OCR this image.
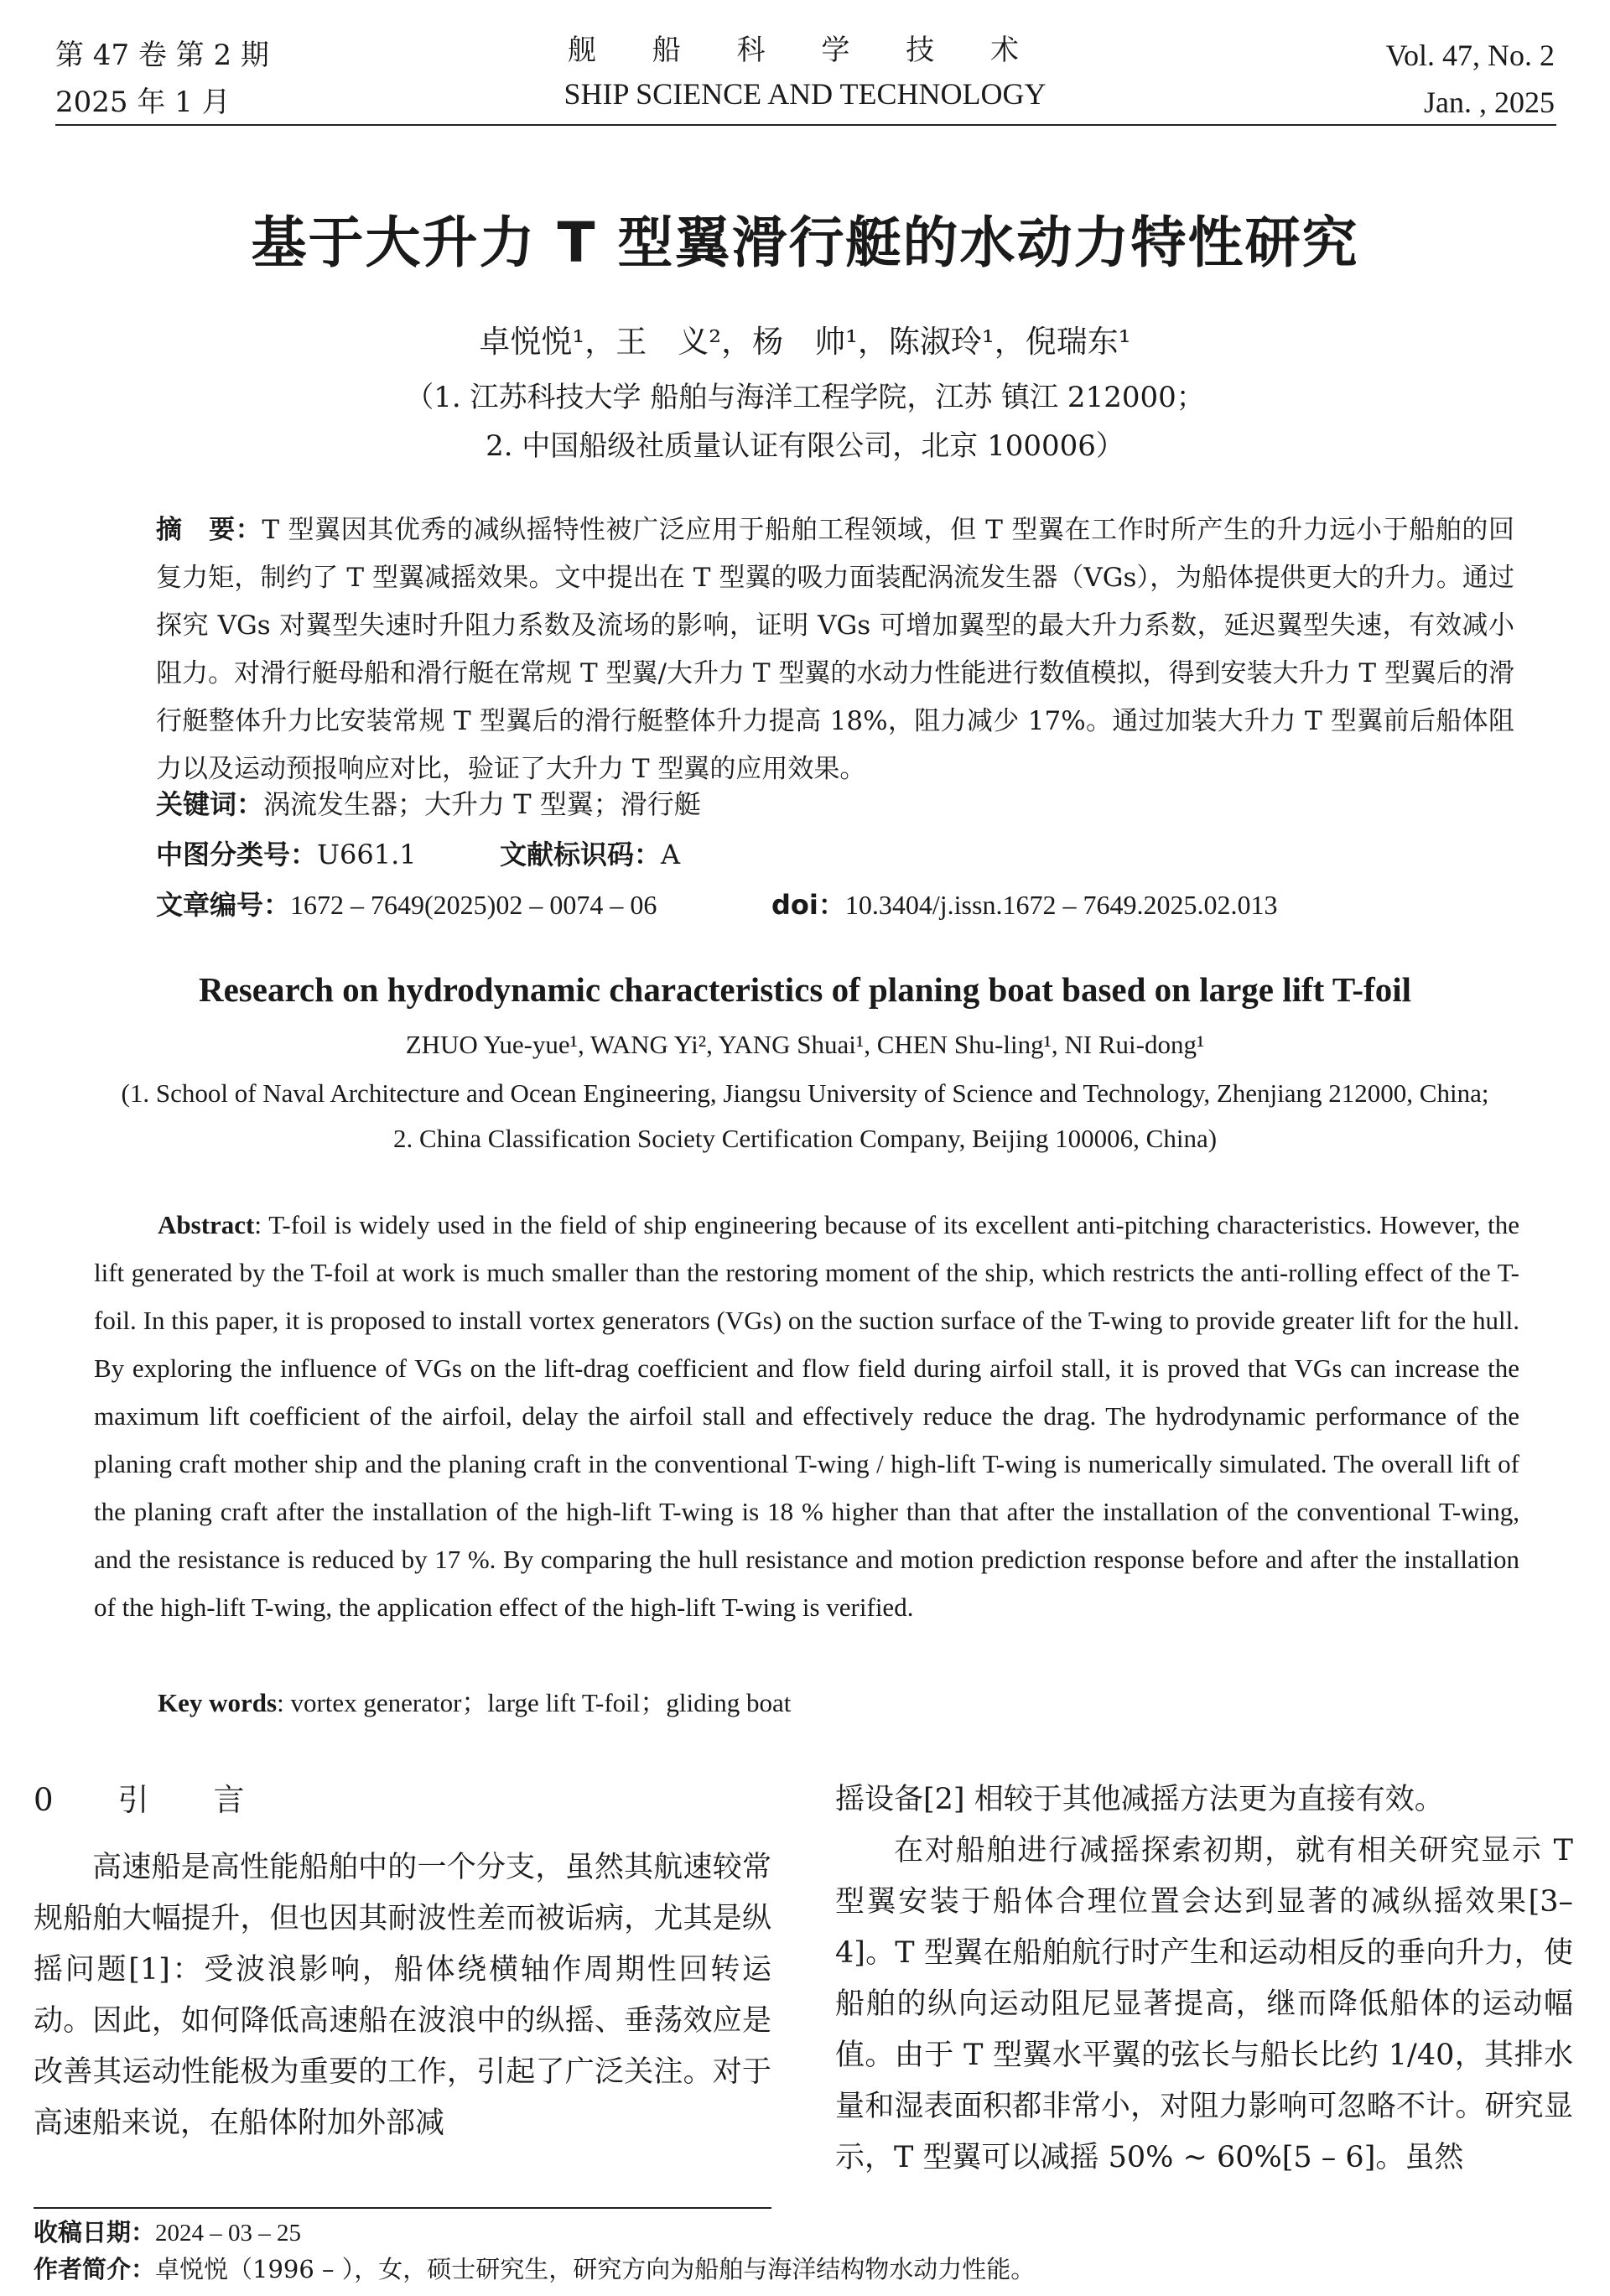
第 47 卷 第 2 期
2025 年 1 月
舰 船 科 学 技 术
SHIP SCIENCE AND TECHNOLOGY
Vol. 47, No. 2
Jan. , 2025
基于大升力 T 型翼滑行艇的水动力特性研究
卓悦悦¹，王　义²，杨　帅¹，陈淑玲¹，倪瑞东¹
（1. 江苏科技大学 船舶与海洋工程学院，江苏 镇江 212000；
2. 中国船级社质量认证有限公司，北京 100006）
摘　要：T 型翼因其优秀的减纵摇特性被广泛应用于船舶工程领域，但 T 型翼在工作时所产生的升力远小于船舶的回复力矩，制约了 T 型翼减摇效果。文中提出在 T 型翼的吸力面装配涡流发生器（VGs），为船体提供更大的升力。通过探究 VGs 对翼型失速时升阻力系数及流场的影响，证明 VGs 可增加翼型的最大升力系数，延迟翼型失速，有效减小阻力。对滑行艇母船和滑行艇在常规 T 型翼/大升力 T 型翼的水动力性能进行数值模拟，得到安装大升力 T 型翼后的滑行艇整体升力比安装常规 T 型翼后的滑行艇整体升力提高 18%，阻力减少 17%。通过加装大升力 T 型翼前后船体阻力以及运动预报响应对比，验证了大升力 T 型翼的应用效果。
关键词：涡流发生器；大升力 T 型翼；滑行艇
中图分类号：U661.1	文献标识码：A
文章编号：1672 – 7649(2025)02 – 0074 – 06	doi：10.3404/j.issn.1672 – 7649.2025.02.013
Research on hydrodynamic characteristics of planing boat based on large lift T-foil
ZHUO Yue-yue¹, WANG Yi², YANG Shuai¹, CHEN Shu-ling¹, NI Rui-dong¹
(1. School of Naval Architecture and Ocean Engineering, Jiangsu University of Science and Technology, Zhenjiang 212000, China;
2. China Classification Society Certification Company, Beijing 100006, China)
Abstract: T-foil is widely used in the field of ship engineering because of its excellent anti-pitching characteristics. However, the lift generated by the T-foil at work is much smaller than the restoring moment of the ship, which restricts the anti-rolling effect of the T-foil. In this paper, it is proposed to install vortex generators (VGs) on the suction surface of the T-wing to provide greater lift for the hull. By exploring the influence of VGs on the lift-drag coefficient and flow field during airfoil stall, it is proved that VGs can increase the maximum lift coefficient of the airfoil, delay the airfoil stall and effectively reduce the drag. The hydrodynamic performance of the planing craft mother ship and the planing craft in the conventional T-wing / high-lift T-wing is numerically simulated. The overall lift of the planing craft after the installation of the high-lift T-wing is 18 % higher than that after the installation of the conventional T-wing, and the resistance is reduced by 17 %. By comparing the hull resistance and motion prediction response before and after the installation of the high-lift T-wing, the application effect of the high-lift T-wing is verified.
Key words: vortex generator；large lift T-foil；gliding boat
0　引　言

高速船是高性能船舶中的一个分支，虽然其航速较常规船舶大幅提升，但也因其耐波性差而被诟病，尤其是纵摇问题[1]：受波浪影响，船体绕横轴作周期性回转运动。因此，如何降低高速船在波浪中的纵摇、垂荡效应是改善其运动性能极为重要的工作，引起了广泛关注。对于高速船来说，在船体附加外部减

摇设备[2] 相较于其他减摇方法更为直接有效。

在对船舶进行减摇探索初期，就有相关研究显示 T 型翼安装于船体合理位置会达到显著的减纵摇效果[3–4]。T 型翼在船舶航行时产生和运动相反的垂向升力，使船舶的纵向运动阻尼显著提高，继而降低船体的运动幅值。由于 T 型翼水平翼的弦长与船长比约 1/40，其排水量和湿表面积都非常小，对阻力影响可忽略不计。研究显示，T 型翼可以减摇 50% ~ 60%[5 – 6]。虽然

收稿日期：2024 – 03 – 25
作者简介：卓悦悦（1996 – ），女，硕士研究生，研究方向为船舶与海洋结构物水动力性能。
